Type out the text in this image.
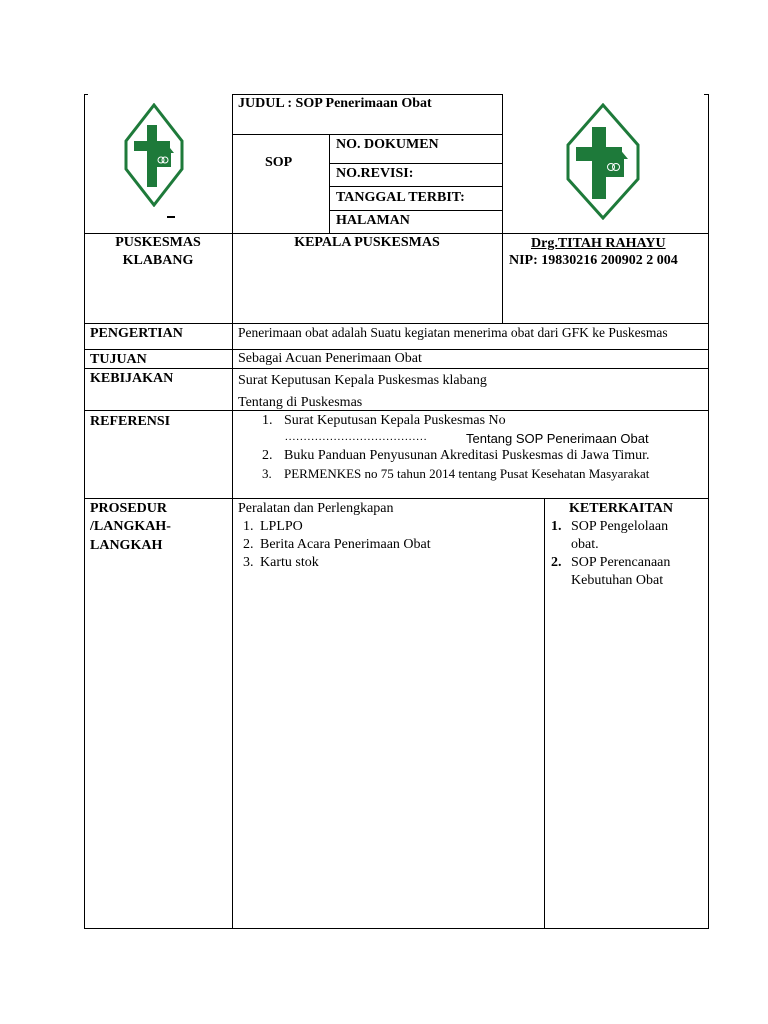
JUDUL : SOP Penerimaan Obat
SOP
NO. DOKUMEN
NO.REVISI:
TANGGAL TERBIT:
HALAMAN
PUSKESMAS
KLABANG
KEPALA PUSKESMAS	Drg.TITAH RAHAYU
NIP: 19830216 200902 2 004
PENGERTIAN
TUJUAN
KEBIJAKAN
REFERENSI
PROSEDUR
/LANGKAH-
LANGKAH
Penerimaan obat adalah Suatu kegiatan menerima obat dari GFK ke Puskesmas
Sebagai Acuan Penerimaan Obat
Surat Keputusan Kepala Puskesmas klabang
Tentang di Puskesmas
1. Surat Keputusan Kepala Puskesmas No
......................................	Tentang SOP Penerimaan Obat
2. Buku Panduan Penyusunan Akreditasi Puskesmas di Jawa Timur.
3. PERMENKES no 75 tahun 2014 tentang Pusat Kesehatan Masyarakat
Peralatan dan Perlengkapan
1. LPLPO
2. Berita Acara Penerimaan Obat
3. Kartu stok
KETERKAITAN
1. SOP Pengelolaan
obat.
2. SOP Perencanaan
Kebutuhan Obat
